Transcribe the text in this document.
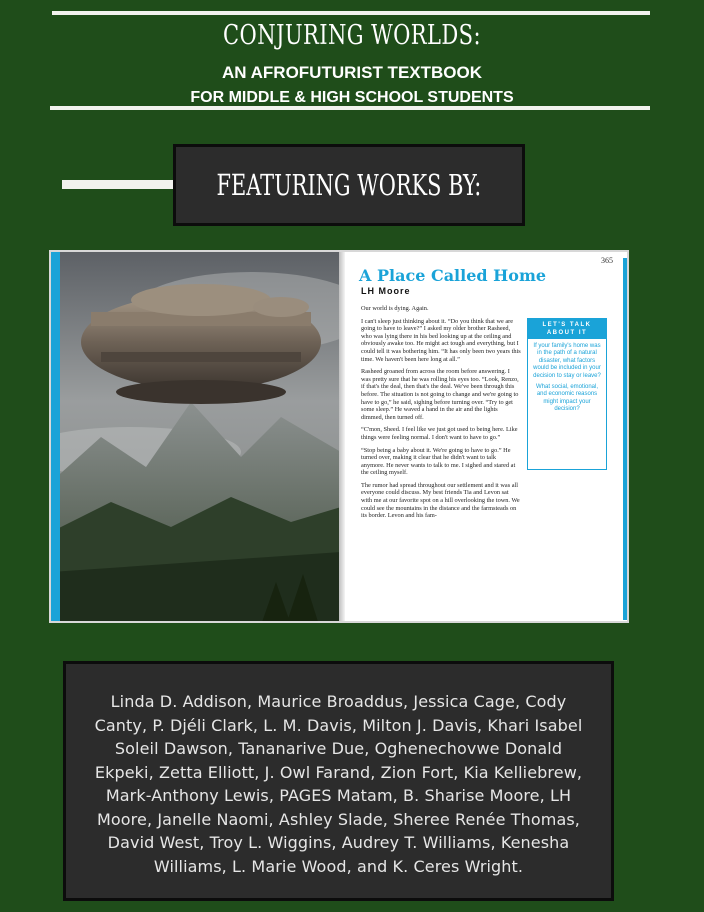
CONJURING WORLDS:
AN AFROFUTURIST TEXTBOOK
FOR MIDDLE & HIGH SCHOOL STUDENTS
FEATURING WORKS BY:
365
A Place Called Home
LH Moore

Our world is dying. Again.

I can't sleep just thinking about it. “Do you think that we are going to have to leave?” I asked my older brother Rasheed, who was lying there in his bed looking up at the ceiling and obviously awake too. He might act tough and everything, but I could tell it was bothering him. “It has only been two years this time. We haven't been here long at all.”

Rasheed groaned from across the room before answering. I was pretty sure that he was rolling his eyes too. “Look, Renzo, if that's the deal, then that's the deal. We've been through this before. The situation is not going to change and we're going to have to go,” he said, sighing before turning over. “Try to get some sleep.” He waved a hand in the air and the lights dimmed, then turned off.

“C'mon, Sheed. I feel like we just got used to being here. Like things were feeling normal. I don't want to have to go.”

“Stop being a baby about it. We're going to have to go.” He turned over, making it clear that he didn't want to talk anymore. He never wants to talk to me. I sighed and stared at the ceiling myself.

The rumor had spread throughout our settlement and it was all everyone could discuss. My best friends Tia and Levon sat with me at our favorite spot on a hill overlooking the town. We could see the mountains in the distance and the farmsteads on its border. Levon and his fam-

LET'S TALK ABOUT IT
If your family's home was in the path of a natural disaster, what factors would be included in your decision to stay or leave?
What social, emotional, and economic reasons might impact your decision?

Linda D. Addison, Maurice Broaddus, Jessica Cage, Cody Canty, P. Djéli Clark, L. M. Davis, Milton J. Davis, Khari Isabel Soleil Dawson, Tananarive Due, Oghenechovwe Donald Ekpeki, Zetta Elliott, J. Owl Farand, Zion Fort, Kia Kelliebrew, Mark-Anthony Lewis, PAGES Matam, B. Sharise Moore, LH Moore, Janelle Naomi, Ashley Slade, Sheree Renée Thomas, David West, Troy L. Wiggins, Audrey T. Williams, Kenesha Williams, L. Marie Wood, and K. Ceres Wright.
